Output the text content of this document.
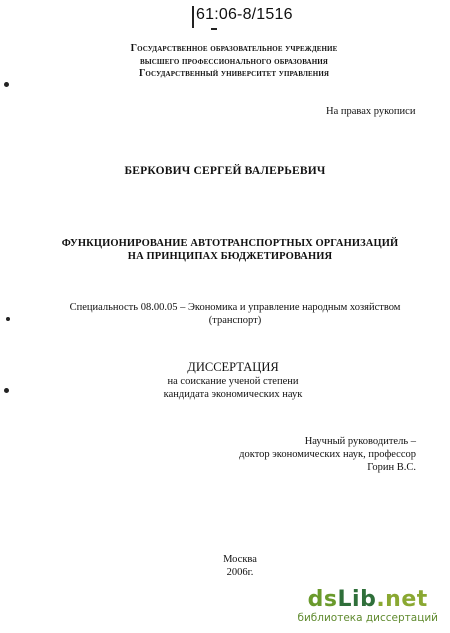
61:06-8/1516
Государственное образовательное учреждение
высшего профессионального образования
Государственный университет управления
На правах рукописи
БЕРКОВИЧ СЕРГЕЙ ВАЛЕРЬЕВИЧ
ФУНКЦИОНИРОВАНИЕ АВТОТРАНСПОРТНЫХ ОРГАНИЗАЦИЙ
НА ПРИНЦИПАХ БЮДЖЕТИРОВАНИЯ
Специальность 08.00.05 – Экономика и управление народным хозяйством
(транспорт)
ДИССЕРТАЦИЯ
на соискание ученой степени
кандидата экономических наук
Научный руководитель –
доктор экономических наук, профессор
Горин В.С.
Москва
2006г.
dsLib.net
библиотека диссертаций
